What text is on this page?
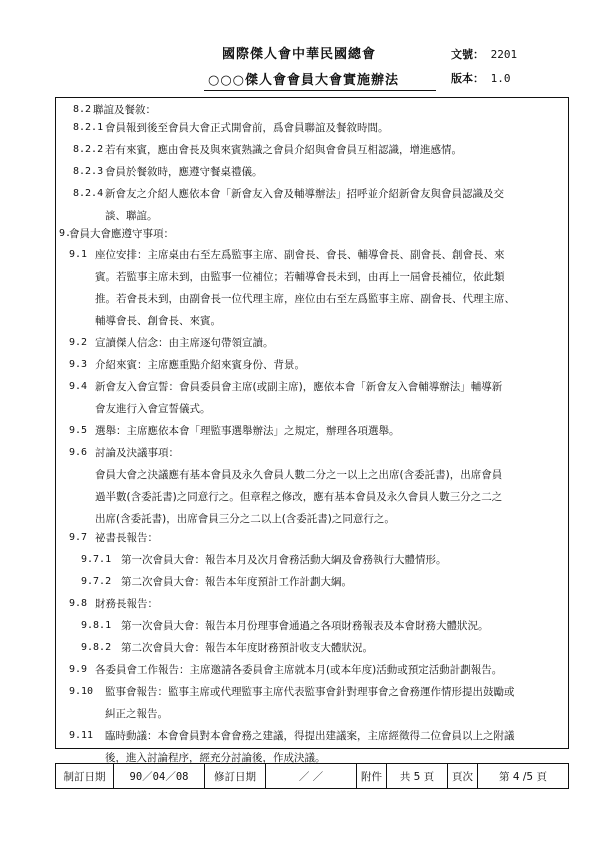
國際傑人會中華民國總會
○○○傑人會會員大會實施辦法
文號： 2201
版本： 1.0
8.2 聯誼及餐敘：
8.2.1 會員報到後至會員大會正式開會前，爲會員聯誼及餐敘時間。
8.2.2 若有來賓，應由會長及與來賓熟識之會員介紹與會會員互相認識，增進感情。
8.2.3 會員於餐敘時，應遵守餐桌禮儀。
8.2.4 新會友之介紹人應依本會「新會友入會及輔導辦法」招呼並介紹新會友與會員認識及交
談、聯誼。
9.
會員大會應遵守事項：
9.1 座位安排：主席桌由右至左爲監事主席、副會長、會長、輔導會長、副會長、創會長、來
賓。若監事主席未到，由監事一位補位；若輔導會長未到，由再上一屆會長補位，依此類
推。若會長未到，由副會長一位代理主席，座位由右至左爲監事主席、副會長、代理主席、
輔導會長、創會長、來賓。
9.2 宣讀傑人信念：由主席逐句帶領宣讀。
9.3 介紹來賓：主席應重點介紹來賓身份、背景。
9.4 新會友入會宣誓：會員委員會主席(或副主席)，應依本會「新會友入會輔導辦法」輔導新
會友進行入會宣誓儀式。
9.5 選舉：主席應依本會「理監事選舉辦法」之規定，辦理各項選舉。
9.6 討論及決議事項：
會員大會之決議應有基本會員及永久會員人數二分之一以上之出席(含委託書)，出席會員
過半數(含委託書)之同意行之。但章程之修改，應有基本會員及永久會員人數三分之二之
出席(含委託書)，出席會員三分之二以上(含委託書)之同意行之。
9.7 祕書長報告：
9.7.1 第一次會員大會：報告本月及次月會務活動大綱及會務執行大體情形。
9.7.2 第二次會員大會：報告本年度預計工作計劃大綱。
9.8 財務長報告：
9.8.1 第一次會員大會：報告本月份理事會通過之各項財務報表及本會財務大體狀況。
9.8.2 第二次會員大會：報告本年度財務預計收支大體狀況。
9.9 各委員會工作報告：主席邀請各委員會主席就本月(或本年度)活動或預定活動計劃報告。
9.10 監事會報告：監事主席或代理監事主席代表監事會針對理事會之會務運作情形提出鼓勵或
糾正之報告。
9.11 臨時動議：本會會員對本會會務之建議，得提出建議案，主席經徵得二位會員以上之附議
後，進入討論程序，經充分討論後，作成決議。
制訂日期	90／04／08	修訂日期	／ ／	附件	共 5 頁	頁次	第 4 /5 頁
